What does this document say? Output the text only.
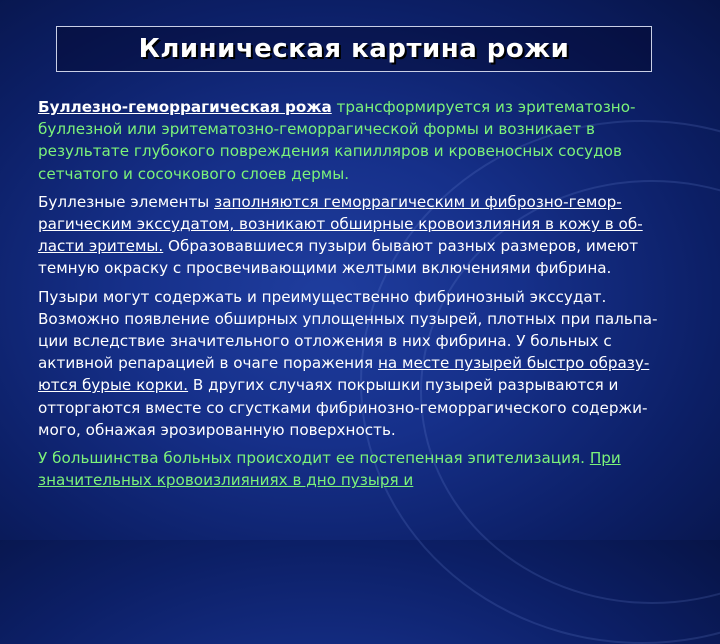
Клиническая картина рожи

Буллезно-геморрагическая рожа трансформируется из эритематозно-буллезной или эритематозно-геморрагической формы и возникает в результате глубокого повреждения капилляров и кровеносных сосудов сетчатого и сосочкового слоев дермы.

Буллезные элементы заполняются геморрагическим и фиброзно-гемор-рагическим экссудатом, возникают обширные кровоизлияния в кожу в об-ласти эритемы. Образовавшиеся пузыри бывают разных размеров, имеют темную окраску с просвечивающими желтыми включениями фибрина.

Пузыри могут содержать и преимущественно фибринозный экссудат. Возможно появление обширных уплощенных пузырей, плотных при пальпа-ции вследствие значительного отложения в них фибрина. У больных с активной репарацией в очаге поражения на месте пузырей быстро образу-ются бурые корки. В других случаях покрышки пузырей разрываются и отторгаются вместе со сгустками фибринозно-геморрагического содержи-мого, обнажая эрозированную поверхность.

У большинства больных происходит ее постепенная эпителизация. При значительных кровоизлияниях в дно пузыря и
